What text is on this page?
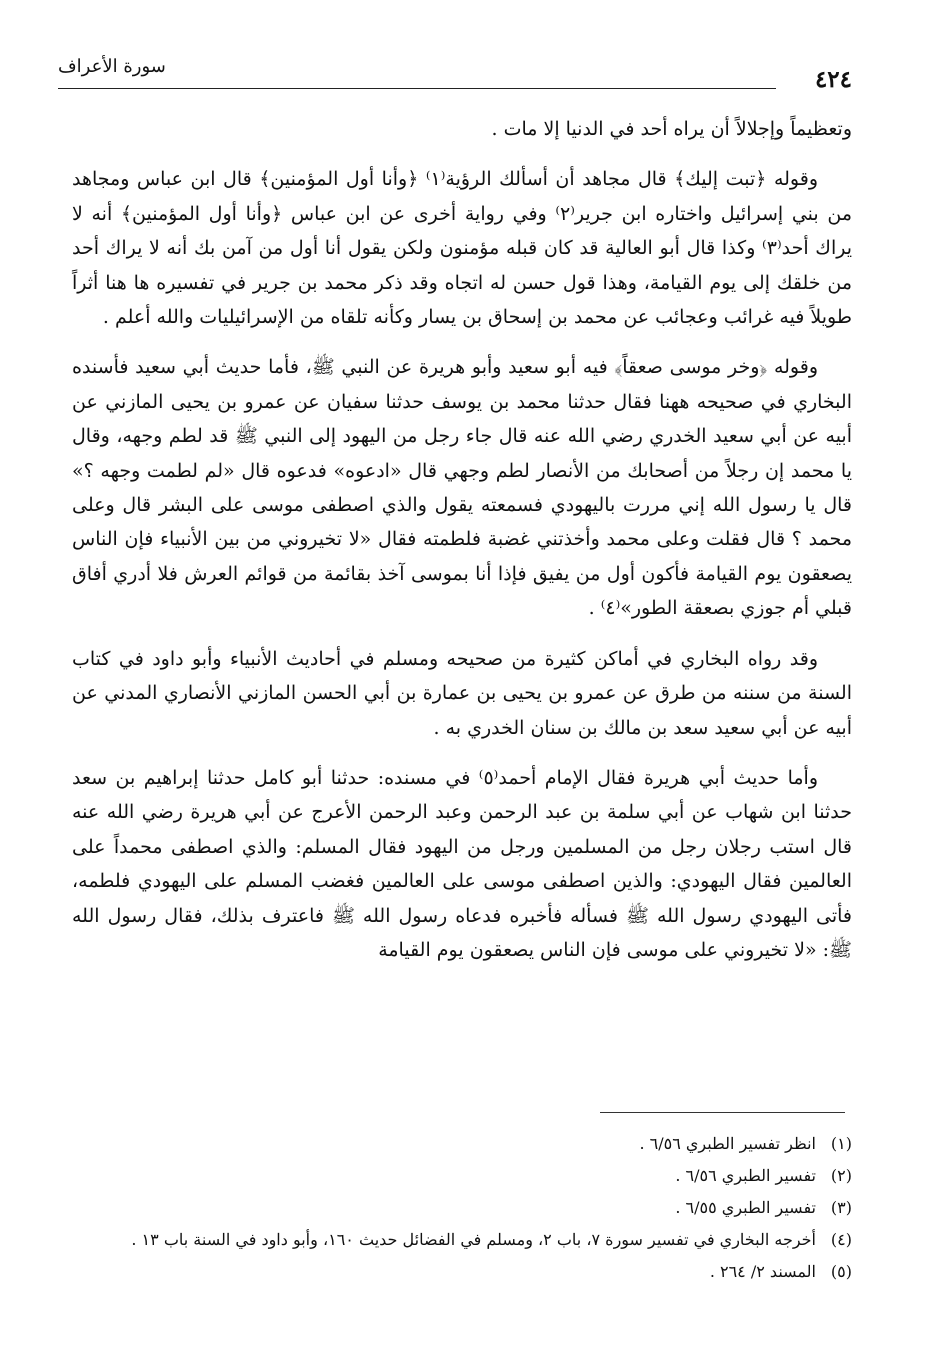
٤٢٤
سورة الأعراف

وتعظيماً وإجلالاً أن يراه أحد في الدنيا إلا مات .

وقوله ﴿تبت إليك﴾ قال مجاهد أن أسألك الرؤية⁽١⁾ ﴿وأنا أول المؤمنين﴾ قال ابن عباس ومجاهد من بني إسرائيل واختاره ابن جرير⁽٢⁾ وفي رواية أخرى عن ابن عباس ﴿وأنا أول المؤمنين﴾ أنه لا يراك أحد⁽٣⁾ وكذا قال أبو العالية قد كان قبله مؤمنون ولكن يقول أنا أول من آمن بك أنه لا يراك أحد من خلقك إلى يوم القيامة، وهذا قول حسن له اتجاه وقد ذكر محمد بن جرير في تفسيره ها هنا أثراً طويلاً فيه غرائب وعجائب عن محمد بن إسحاق بن يسار وكأنه تلقاه من الإسرائيليات والله أعلم .

وقوله ﴿وخر موسى صعقاً﴾ فيه أبو سعيد وأبو هريرة عن النبي ﷺ، فأما حديث أبي سعيد فأسنده البخاري في صحيحه ههنا فقال حدثنا محمد بن يوسف حدثنا سفيان عن عمرو بن يحيى المازني عن أبيه عن أبي سعيد الخدري رضي الله عنه قال جاء رجل من اليهود إلى النبي ﷺ قد لطم وجهه، وقال يا محمد إن رجلاً من أصحابك من الأنصار لطم وجهي قال «ادعوه» فدعوه قال «لم لطمت وجهه ؟» قال يا رسول الله إني مررت باليهودي فسمعته يقول والذي اصطفى موسى على البشر قال وعلى محمد ؟ قال فقلت وعلى محمد وأخذتني غضبة فلطمته فقال «لا تخيروني من بين الأنبياء فإن الناس يصعقون يوم القيامة فأكون أول من يفيق فإذا أنا بموسى آخذ بقائمة من قوائم العرش فلا أدري أفاق قبلي أم جوزي بصعقة الطور»⁽٤⁾ .

وقد رواه البخاري في أماكن كثيرة من صحيحه ومسلم في أحاديث الأنبياء وأبو داود في كتاب السنة من سننه من طرق عن عمرو بن يحيى بن عمارة بن أبي الحسن المازني الأنصاري المدني عن أبيه عن أبي سعيد سعد بن مالك بن سنان الخدري به .

وأما حديث أبي هريرة فقال الإمام أحمد⁽٥⁾ في مسنده: حدثنا أبو كامل حدثنا إبراهيم بن سعد حدثنا ابن شهاب عن أبي سلمة بن عبد الرحمن وعبد الرحمن الأعرج عن أبي هريرة رضي الله عنه قال استب رجلان رجل من المسلمين ورجل من اليهود فقال المسلم: والذي اصطفى محمداً على العالمين فقال اليهودي: والذين اصطفى موسى على العالمين فغضب المسلم على اليهودي فلطمه، فأتى اليهودي رسول الله ﷺ فسأله فأخبره فدعاه رسول الله ﷺ فاعترف بذلك، فقال رسول الله ﷺ: «لا تخيروني على موسى فإن الناس يصعقون يوم القيامة

(١)
انظر تفسير الطبري ٦/٥٦ .
(٢)
تفسير الطبري ٦/٥٦ .
(٣)
تفسير الطبري ٦/٥٥ .
(٤)
أخرجه البخاري في تفسير سورة ٧، باب ٢، ومسلم في الفضائل حديث ١٦٠، وأبو داود في السنة باب ١٣ .
(٥)
المسند ٢/ ٢٦٤ .
